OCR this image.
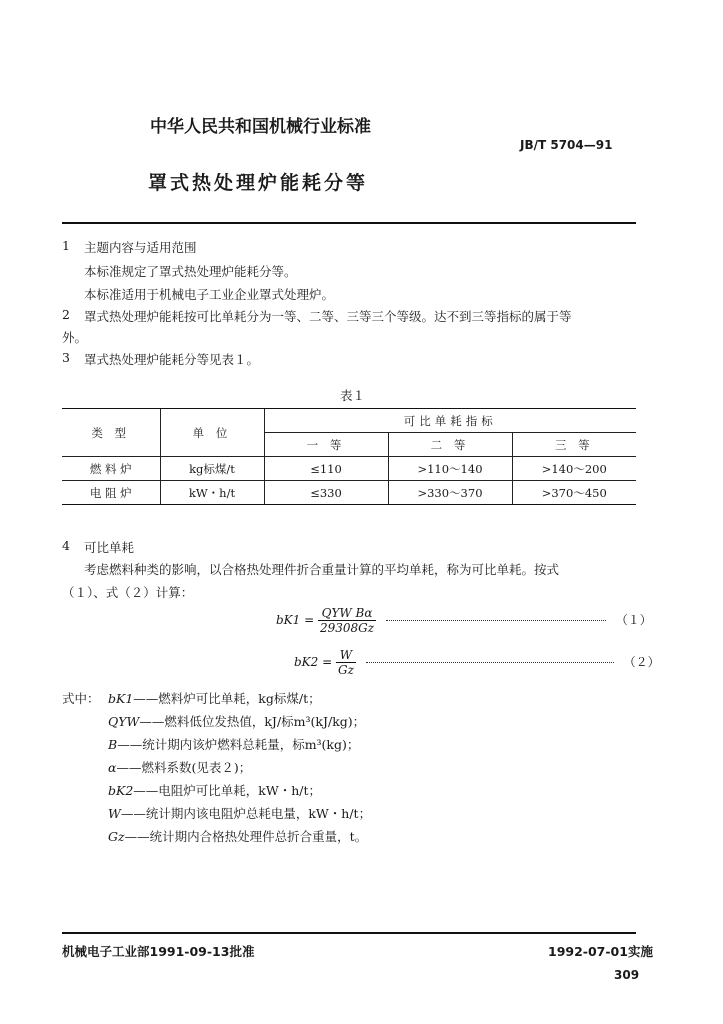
中华人民共和国机械行业标准
JB/T 5704—91
罩式热处理炉能耗分等
1 主题内容与适用范围
本标准规定了罩式热处理炉能耗分等。
本标准适用于机械电子工业企业罩式处理炉。
2 罩式热处理炉能耗按可比单耗分为一等、二等、三等三个等级。达不到三等指标的属于等
外。
3 罩式热处理炉能耗分等见表１。
表１
类 型	单 位	可比单耗指标		
		一 等	二 等	三 等
燃 料 炉	kg标煤/t	≤110	>110～140	>140～200
电 阻 炉	kW・h/t	≤330	>330～370	>370～450
4 可比单耗
考虑燃料种类的影响，以合格热处理件折合重量计算的平均单耗，称为可比单耗。按式
（１）、式（２）计算：
$bK1 = \frac{\text{QYW Bα}}{29308Gz}$	（１）
$bK2 = \frac{W}{Gz}$	（２）
式中： bK1——燃料炉可比单耗，kg标煤/t；
QYW——燃料低位发热值，kJ/标m³(kJ/kg)；
B——统计期内该炉燃料总耗量，标m³(kg)；
α——燃料系数(见表２)；
bK2——电阻炉可比单耗，kW・h/t；
W——统计期内该电阻炉总耗电量，kW・h/t；
Gz——统计期内合格热处理件总折合重量，t。
机械电子工业部1991-09-13批准	1992-07-01实施
309
